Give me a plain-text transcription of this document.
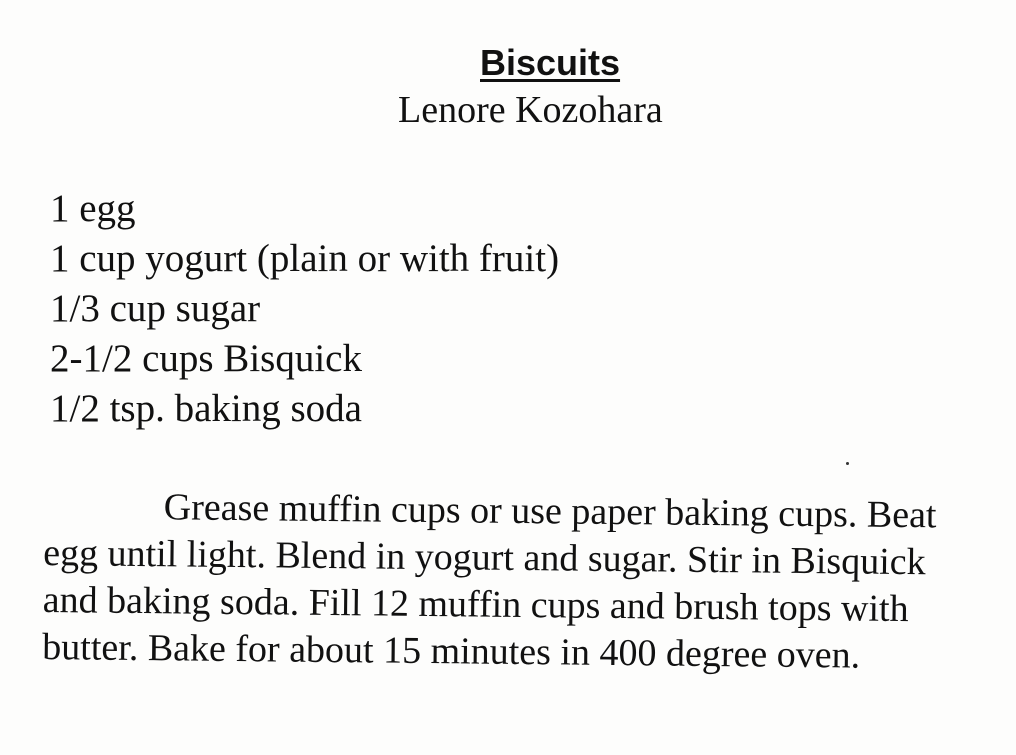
Biscuits
Lenore Kozohara
1 egg
1 cup yogurt (plain or with fruit)
1/3 cup sugar
2-1/2 cups Bisquick
1/2 tsp. baking soda

Grease muffin cups or use paper baking cups. Beat egg until light. Blend in yogurt and sugar. Stir in Bisquick and baking soda. Fill 12 muffin cups and brush tops with butter. Bake for about 15 minutes in 400 degree oven.
